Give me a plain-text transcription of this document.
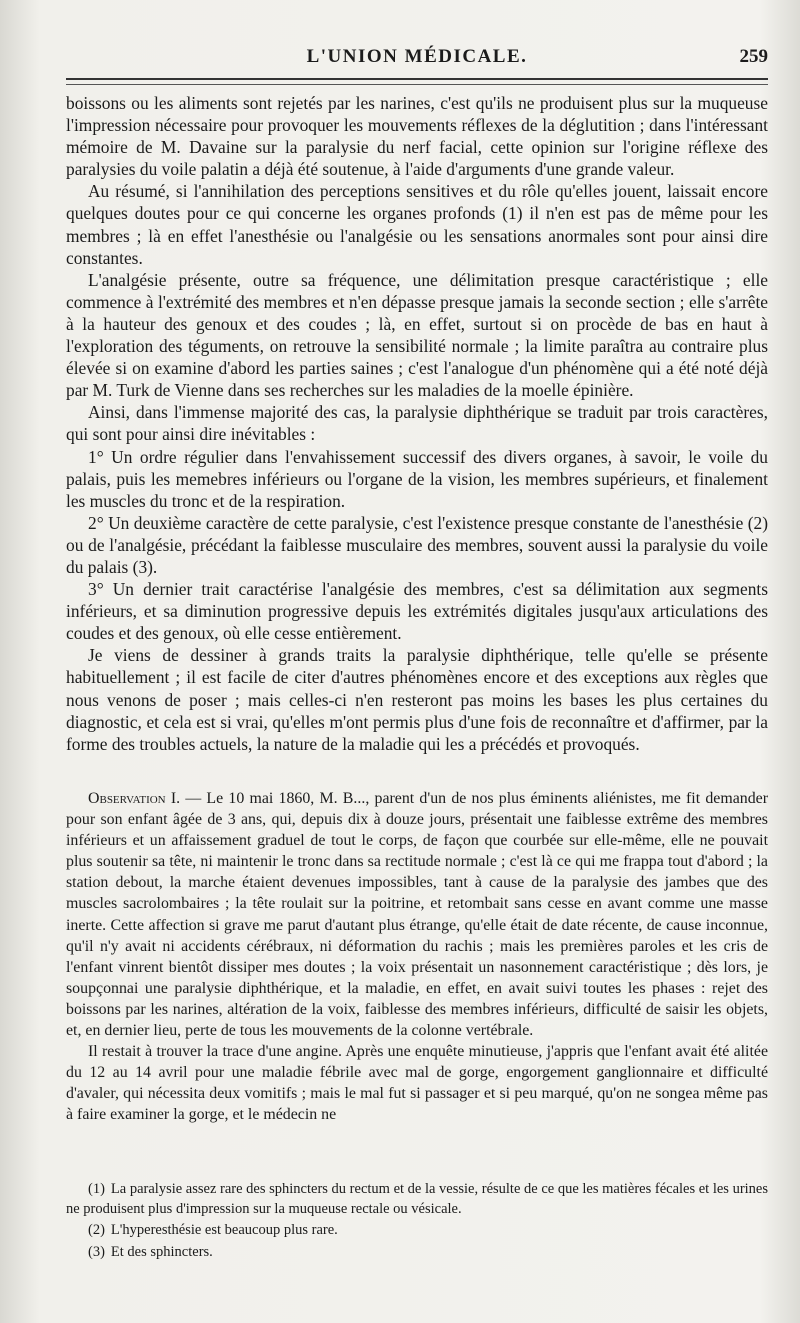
L'UNION MÉDICALE.	259

boissons ou les aliments sont rejetés par les narines, c'est qu'ils ne produisent plus sur la muqueuse l'impression nécessaire pour provoquer les mouvements réflexes de la déglutition ; dans l'intéressant mémoire de M. Davaine sur la paralysie du nerf facial, cette opinion sur l'origine réflexe des paralysies du voile palatin a déjà été soutenue, à l'aide d'arguments d'une grande valeur.

Au résumé, si l'annihilation des perceptions sensitives et du rôle qu'elles jouent, laissait encore quelques doutes pour ce qui concerne les organes profonds (1) il n'en est pas de même pour les membres ; là en effet l'anesthésie ou l'analgésie ou les sensations anormales sont pour ainsi dire constantes.

L'analgésie présente, outre sa fréquence, une délimitation presque caractéristique ; elle commence à l'extrémité des membres et n'en dépasse presque jamais la seconde section ; elle s'arrête à la hauteur des genoux et des coudes ; là, en effet, surtout si on procède de bas en haut à l'exploration des téguments, on retrouve la sensibilité normale ; la limite paraîtra au contraire plus élevée si on examine d'abord les parties saines ; c'est l'analogue d'un phénomène qui a été noté déjà par M. Turk de Vienne dans ses recherches sur les maladies de la moelle épinière.

Ainsi, dans l'immense majorité des cas, la paralysie diphthérique se traduit par trois caractères, qui sont pour ainsi dire inévitables :

1° Un ordre régulier dans l'envahissement successif des divers organes, à savoir, le voile du palais, puis les memebres inférieurs ou l'organe de la vision, les membres supérieurs, et finalement les muscles du tronc et de la respiration.

2° Un deuxième caractère de cette paralysie, c'est l'existence presque constante de l'anesthésie (2) ou de l'analgésie, précédant la faiblesse musculaire des membres, souvent aussi la paralysie du voile du palais (3).

3° Un dernier trait caractérise l'analgésie des membres, c'est sa délimitation aux segments inférieurs, et sa diminution progressive depuis les extrémités digitales jusqu'aux articulations des coudes et des genoux, où elle cesse entièrement.

Je viens de dessiner à grands traits la paralysie diphthérique, telle qu'elle se présente habituellement ; il est facile de citer d'autres phénomènes encore et des exceptions aux règles que nous venons de poser ; mais celles-ci n'en resteront pas moins les bases les plus certaines du diagnostic, et cela est si vrai, qu'elles m'ont permis plus d'une fois de reconnaître et d'affirmer, par la forme des troubles actuels, la nature de la maladie qui les a précédés et provoqués.

Observation I. — Le 10 mai 1860, M. B..., parent d'un de nos plus éminents aliénistes, me fit demander pour son enfant âgée de 3 ans, qui, depuis dix à douze jours, présentait une faiblesse extrême des membres inférieurs et un affaissement graduel de tout le corps, de façon que courbée sur elle-même, elle ne pouvait plus soutenir sa tête, ni maintenir le tronc dans sa rectitude normale ; c'est là ce qui me frappa tout d'abord ; la station debout, la marche étaient devenues impossibles, tant à cause de la paralysie des jambes que des muscles sacrolombaires ; la tête roulait sur la poitrine, et retombait sans cesse en avant comme une masse inerte. Cette affection si grave me parut d'autant plus étrange, qu'elle était de date récente, de cause inconnue, qu'il n'y avait ni accidents cérébraux, ni déformation du rachis ; mais les premières paroles et les cris de l'enfant vinrent bientôt dissiper mes doutes ; la voix présentait un nasonnement caractéristique ; dès lors, je soupçonnai une paralysie diphthérique, et la maladie, en effet, en avait suivi toutes les phases : rejet des boissons par les narines, altération de la voix, faiblesse des membres inférieurs, difficulté de saisir les objets, et, en dernier lieu, perte de tous les mouvements de la colonne vertébrale.

Il restait à trouver la trace d'une angine. Après une enquête minutieuse, j'appris que l'enfant avait été alitée du 12 au 14 avril pour une maladie fébrile avec mal de gorge, engorgement ganglionnaire et difficulté d'avaler, qui nécessita deux vomitifs ; mais le mal fut si passager et si peu marqué, qu'on ne songea même pas à faire examiner la gorge, et le médecin ne

(1) La paralysie assez rare des sphincters du rectum et de la vessie, résulte de ce que les matières fécales et les urines ne produisent plus d'impression sur la muqueuse rectale ou vésicale.

(2) L'hyperesthésie est beaucoup plus rare.

(3) Et des sphincters.
